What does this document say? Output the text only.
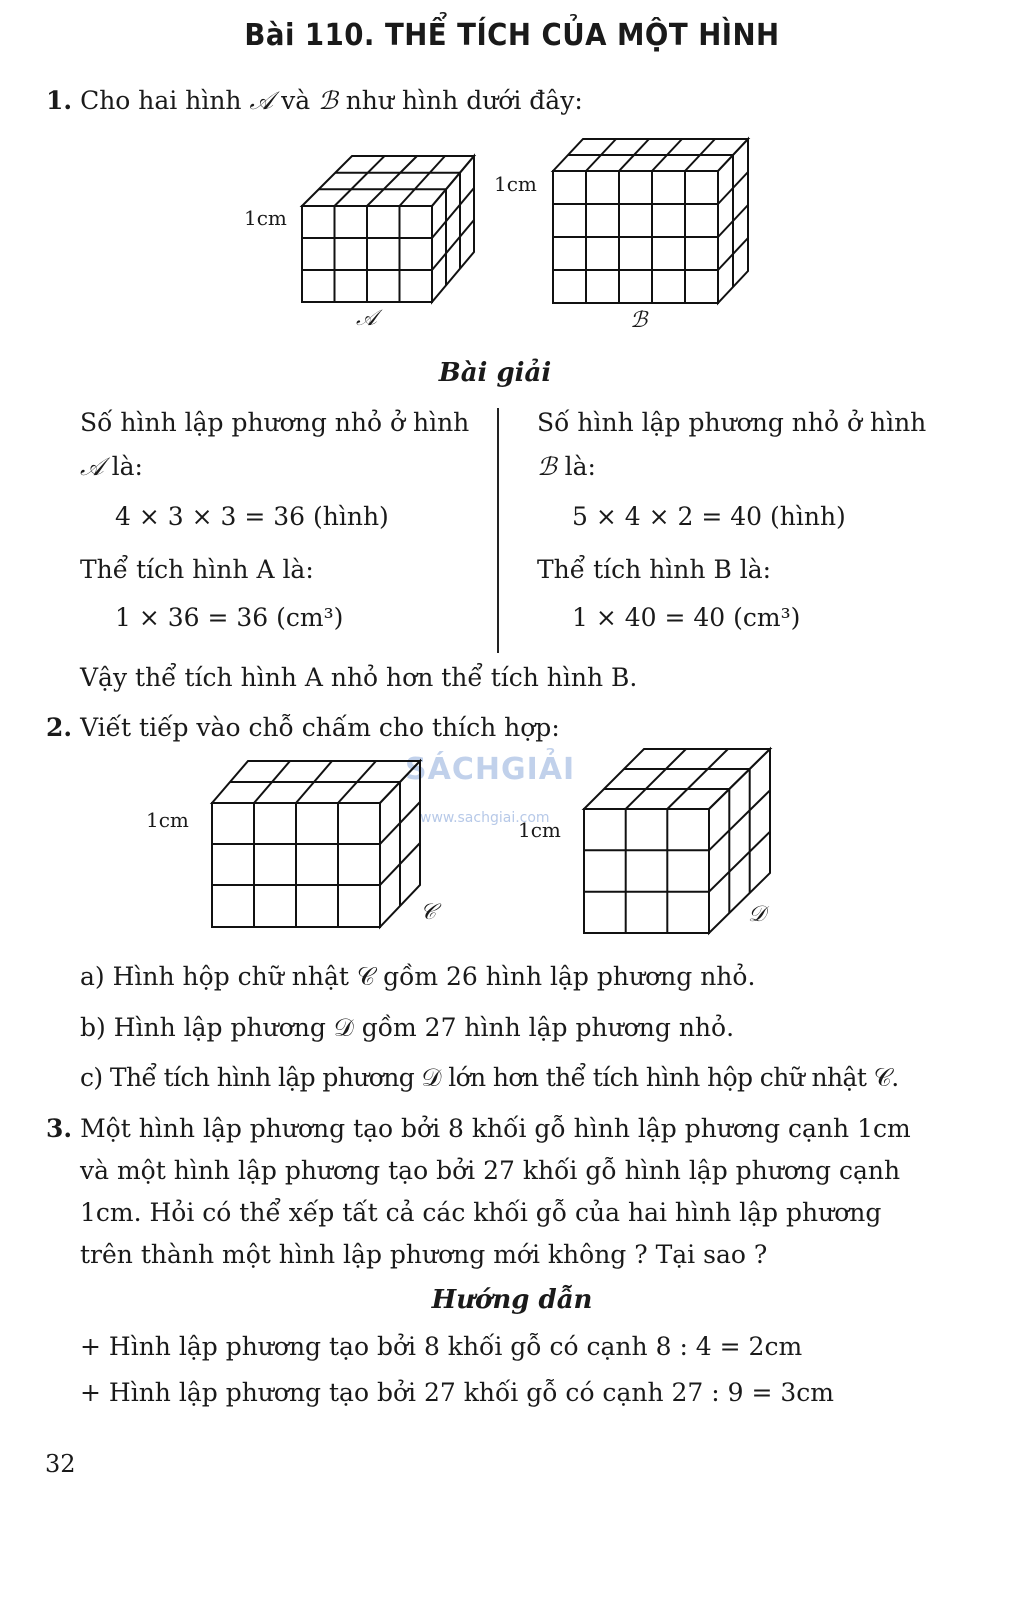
Bài 110. THỂ TÍCH CỦA MỘT HÌNH
1. Cho hai hình 𝒜 và ℬ như hình dưới đây:
1cm
𝒜
1cm
ℬ
Bài giải
Số hình lập phương nhỏ ở hình
𝒜 là:
4 × 3 × 3 = 36 (hình)
Thể tích hình A là:
1 × 36 = 36 (cm³)
Số hình lập phương nhỏ ở hình
ℬ là:
5 × 4 × 2 = 40 (hình)
Thể tích hình B là:
1 × 40 = 40 (cm³)
Vậy thể tích hình A nhỏ hơn thể tích hình B.
2. Viết tiếp vào chỗ chấm cho thích hợp:
SÁCHGIẢI
www.sachgiai.com
1cm
𝒞
1cm
𝒟
a) Hình hộp chữ nhật 𝒞 gồm 26 hình lập phương nhỏ.
b) Hình lập phương 𝒟 gồm 27 hình lập phương nhỏ.
c) Thể tích hình lập phương 𝒟 lớn hơn thể tích hình hộp chữ nhật 𝒞.
3. Một hình lập phương tạo bởi 8 khối gỗ hình lập phương cạnh 1cm
và một hình lập phương tạo bởi 27 khối gỗ hình lập phương cạnh
1cm. Hỏi có thể xếp tất cả các khối gỗ của hai hình lập phương
trên thành một hình lập phương mới không ? Tại sao ?
Hướng dẫn
+ Hình lập phương tạo bởi 8 khối gỗ có cạnh 8 : 4 = 2cm
+ Hình lập phương tạo bởi 27 khối gỗ có cạnh 27 : 9 = 3cm
32
